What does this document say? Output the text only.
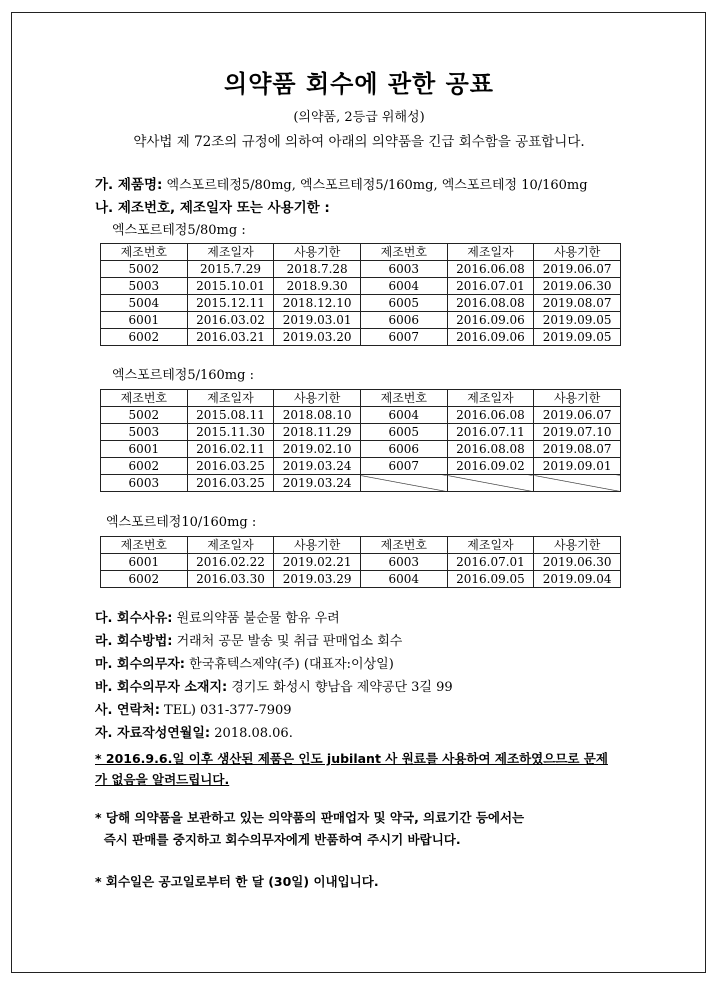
의약품 회수에 관한 공표
(의약품, 2등급 위해성)
약사법 제 72조의 규정에 의하여 아래의 의약품을 긴급 회수함을 공표합니다.
가. 제품명: 엑스포르테정5/80mg, 엑스포르테정5/160mg, 엑스포르테정 10/160mg
나. 제조번호, 제조일자 또는 사용기한 :
엑스포르테정5/80mg :
제조번호	제조일자	사용기한	제조번호	제조일자	사용기한
5002	2015.7.29	2018.7.28	6003	2016.06.08	2019.06.07
5003	2015.10.01	2018.9.30	6004	2016.07.01	2019.06.30
5004	2015.12.11	2018.12.10	6005	2016.08.08	2019.08.07
6001	2016.03.02	2019.03.01	6006	2016.09.06	2019.09.05
6002	2016.03.21	2019.03.20	6007	2016.09.06	2019.09.05
엑스포르테정5/160mg :
제조번호	제조일자	사용기한	제조번호	제조일자	사용기한
5002	2015.08.11	2018.08.10	6004	2016.06.08	2019.06.07
5003	2015.11.30	2018.11.29	6005	2016.07.11	2019.07.10
6001	2016.02.11	2019.02.10	6006	2016.08.08	2019.08.07
6002	2016.03.25	2019.03.24	6007	2016.09.02	2019.09.01
6003	2016.03.25	2019.03.24			
엑스포르테정10/160mg :
제조번호	제조일자	사용기한	제조번호	제조일자	사용기한
6001	2016.02.22	2019.02.21	6003	2016.07.01	2019.06.30
6002	2016.03.30	2019.03.29	6004	2016.09.05	2019.09.04
다. 회수사유: 원료의약품 불순물 함유 우려
라. 회수방법: 거래처 공문 발송 및 취급 판매업소 회수
마. 회수의무자: 한국휴텍스제약(주) (대표자:이상일)
바. 회수의무자 소재지: 경기도 화성시 향남읍 제약공단 3길 99
사. 연락처: TEL) 031-377-7909
자. 자료작성연월일: 2018.08.06.
* 2016.9.6.일 이후 생산된 제품은 인도 jubilant 사 원료를 사용하여 제조하였으므로 문제
가 없음을 알려드립니다.
* 당해 의약품을 보관하고 있는 의약품의 판매업자 및 약국, 의료기간 등에서는
즉시 판매를 중지하고 회수의무자에게 반품하여 주시기 바랍니다.
* 회수일은 공고일로부터 한 달 (30일) 이내입니다.
